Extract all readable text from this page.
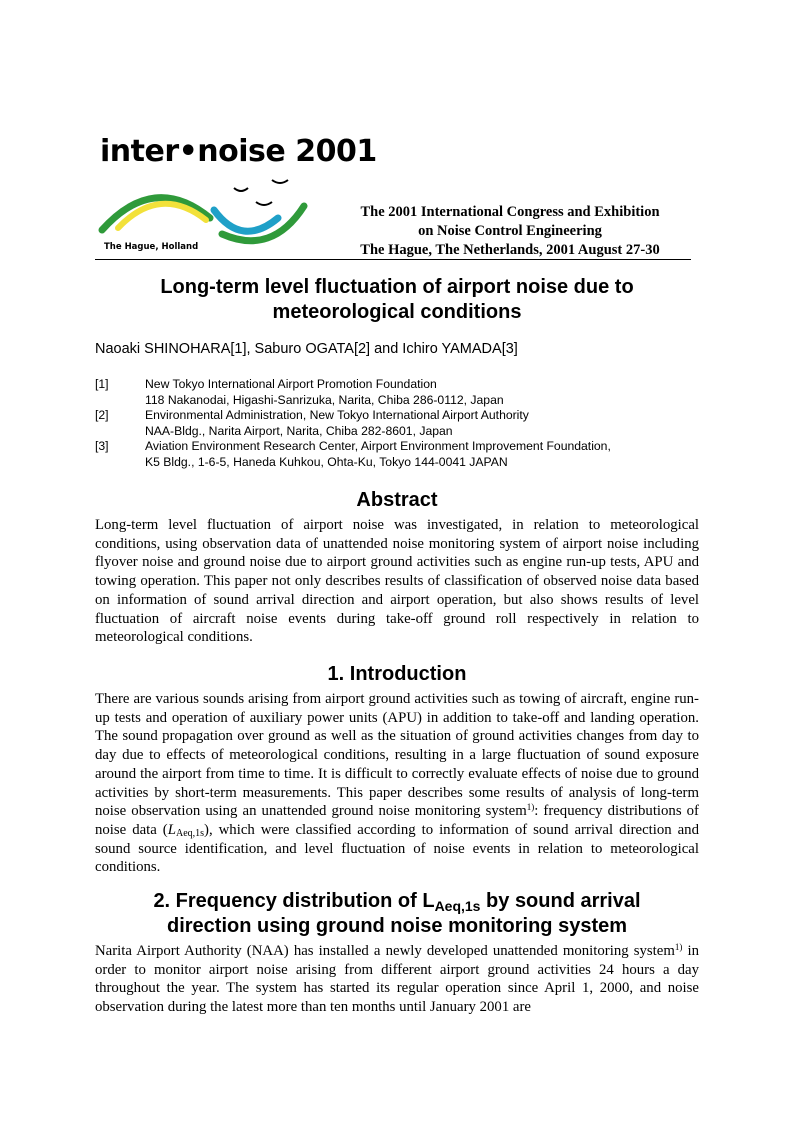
inter•noise 2001
The Hague, Holland
The 2001 International Congress and Exhibition
on Noise Control Engineering
The Hague, The Netherlands, 2001 August 27-30
Long-term level fluctuation of airport noise due to
meteorological conditions
Naoaki SHINOHARA[1], Saburo OGATA[2] and Ichiro YAMADA[3]
[1]	New Tokyo International Airport Promotion Foundation
118 Nakanodai, Higashi-Sanrizuka, Narita, Chiba 286-0112, Japan
[2]	Environmental Administration, New Tokyo International Airport Authority
NAA-Bldg., Narita Airport, Narita, Chiba 282-8601, Japan
[3]	Aviation Environment Research Center, Airport Environment Improvement Foundation,
K5 Bldg., 1-6-5, Haneda Kuhkou, Ohta-Ku, Tokyo 144-0041 JAPAN
Abstract
Long-term level fluctuation of airport noise was investigated, in relation to meteorological conditions, using observation data of unattended noise monitoring system of airport noise including flyover noise and ground noise due to airport ground activities such as engine run-up tests, APU and towing operation. This paper not only describes results of classification of observed noise data based on information of sound arrival direction and airport operation, but also shows results of level fluctuation of aircraft noise events during take-off ground roll respectively in relation to meteorological conditions.
1. Introduction
There are various sounds arising from airport ground activities such as towing of aircraft, engine run-up tests and operation of auxiliary power units (APU) in addition to take-off and landing operation. The sound propagation over ground as well as the situation of ground activities changes from day to day due to effects of meteorological conditions, resulting in a large fluctuation of sound exposure around the airport from time to time. It is difficult to correctly evaluate effects of noise due to ground activities by short-term measurements. This paper describes some results of analysis of long-term noise observation using an unattended ground noise monitoring system$^{1)}$: frequency distributions of noise data $(L_{Aeq,1s})$, which were classified according to information of sound arrival direction and sound source identification, and level fluctuation of noise events in relation to meteorological conditions.
2. Frequency distribution of $L_{Aeq,1s}$ by sound arrival
direction using ground noise monitoring system
Narita Airport Authority (NAA) has installed a newly developed unattended monitoring system$^{1)}$ in order to monitor airport noise arising from different airport ground activities 24 hours a day throughout the year. The system has started its regular operation since April 1, 2000, and noise observation during the latest more than ten months until January 2001 are
